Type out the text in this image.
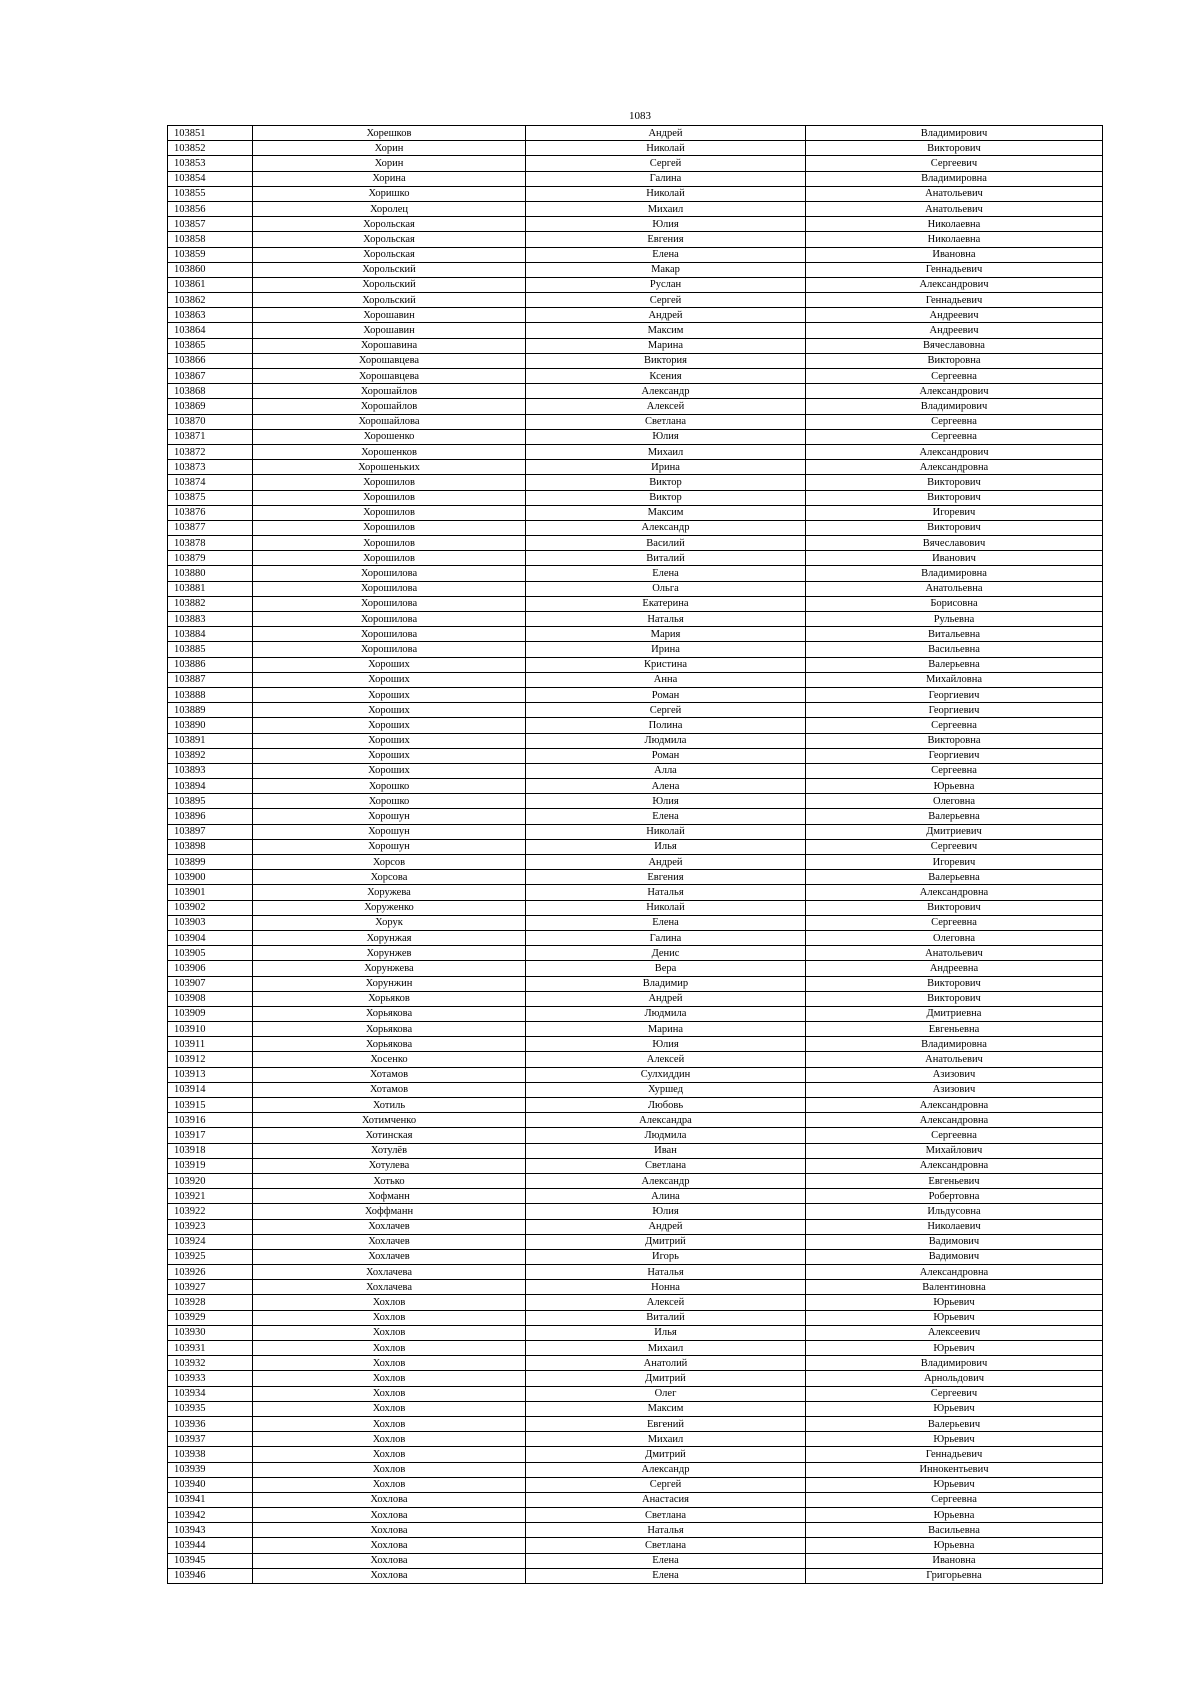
1083
103851	Хорешков	Андрей	Владимирович
103852	Хорин	Николай	Викторович
103853	Хорин	Сергей	Сергеевич
103854	Хорина	Галина	Владимировна
103855	Хоришко	Николай	Анатольевич
103856	Хоролец	Михаил	Анатольевич
103857	Хорольская	Юлия	Николаевна
103858	Хорольская	Евгения	Николаевна
103859	Хорольская	Елена	Ивановна
103860	Хорольский	Макар	Геннадьевич
103861	Хорольский	Руслан	Александрович
103862	Хорольский	Сергей	Геннадьевич
103863	Хорошавин	Андрей	Андреевич
103864	Хорошавин	Максим	Андреевич
103865	Хорошавина	Марина	Вячеславовна
103866	Хорошавцева	Виктория	Викторовна
103867	Хорошавцева	Ксения	Сергеевна
103868	Хорошайлов	Александр	Александрович
103869	Хорошайлов	Алексей	Владимирович
103870	Хорошайлова	Светлана	Сергеевна
103871	Хорошенко	Юлия	Сергеевна
103872	Хорошенков	Михаил	Александрович
103873	Хорошеньких	Ирина	Александровна
103874	Хорошилов	Виктор	Викторович
103875	Хорошилов	Виктор	Викторович
103876	Хорошилов	Максим	Игоревич
103877	Хорошилов	Александр	Викторович
103878	Хорошилов	Василий	Вячеславович
103879	Хорошилов	Виталий	Иванович
103880	Хорошилова	Елена	Владимировна
103881	Хорошилова	Ольга	Анатольевна
103882	Хорошилова	Екатерина	Борисовна
103883	Хорошилова	Наталья	Рульевна
103884	Хорошилова	Мария	Витальевна
103885	Хорошилова	Ирина	Васильевна
103886	Хороших	Кристина	Валерьевна
103887	Хороших	Анна	Михайловна
103888	Хороших	Роман	Георгиевич
103889	Хороших	Сергей	Георгиевич
103890	Хороших	Полина	Сергеевна
103891	Хороших	Людмила	Викторовна
103892	Хороших	Роман	Георгиевич
103893	Хороших	Алла	Сергеевна
103894	Хорошко	Алена	Юрьевна
103895	Хорошко	Юлия	Олеговна
103896	Хорошун	Елена	Валерьевна
103897	Хорошун	Николай	Дмитриевич
103898	Хорошун	Илья	Сергеевич
103899	Хорсов	Андрей	Игоревич
103900	Хорсова	Евгения	Валерьевна
103901	Хоружева	Наталья	Александровна
103902	Хоруженко	Николай	Викторович
103903	Хорук	Елена	Сергеевна
103904	Хорунжая	Галина	Олеговна
103905	Хорунжев	Денис	Анатольевич
103906	Хорунжева	Вера	Андреевна
103907	Хорунжин	Владимир	Викторович
103908	Хорьяков	Андрей	Викторович
103909	Хорьякова	Людмила	Дмитриевна
103910	Хорьякова	Марина	Евгеньевна
103911	Хорьякова	Юлия	Владимировна
103912	Хосенко	Алексей	Анатольевич
103913	Хотамов	Сулхиддин	Азизович
103914	Хотамов	Хуршед	Азизович
103915	Хотиль	Любовь	Александровна
103916	Хотимченко	Александра	Александровна
103917	Хотинская	Людмила	Сергеевна
103918	Хотулёв	Иван	Михайлович
103919	Хотулева	Светлана	Александровна
103920	Хотько	Александр	Евгеньевич
103921	Хофманн	Алина	Робертовна
103922	Хоффманн	Юлия	Ильдусовна
103923	Хохлачев	Андрей	Николаевич
103924	Хохлачев	Дмитрий	Вадимович
103925	Хохлачев	Игорь	Вадимович
103926	Хохлачева	Наталья	Александровна
103927	Хохлачева	Нонна	Валентиновна
103928	Хохлов	Алексей	Юрьевич
103929	Хохлов	Виталий	Юрьевич
103930	Хохлов	Илья	Алексеевич
103931	Хохлов	Михаил	Юрьевич
103932	Хохлов	Анатолий	Владимирович
103933	Хохлов	Дмитрий	Арнольдович
103934	Хохлов	Олег	Сергеевич
103935	Хохлов	Максим	Юрьевич
103936	Хохлов	Евгений	Валерьевич
103937	Хохлов	Михаил	Юрьевич
103938	Хохлов	Дмитрий	Геннадьевич
103939	Хохлов	Александр	Иннокентьевич
103940	Хохлов	Сергей	Юрьевич
103941	Хохлова	Анастасия	Сергеевна
103942	Хохлова	Светлана	Юрьевна
103943	Хохлова	Наталья	Васильевна
103944	Хохлова	Светлана	Юрьевна
103945	Хохлова	Елена	Ивановна
103946	Хохлова	Елена	Григорьевна
